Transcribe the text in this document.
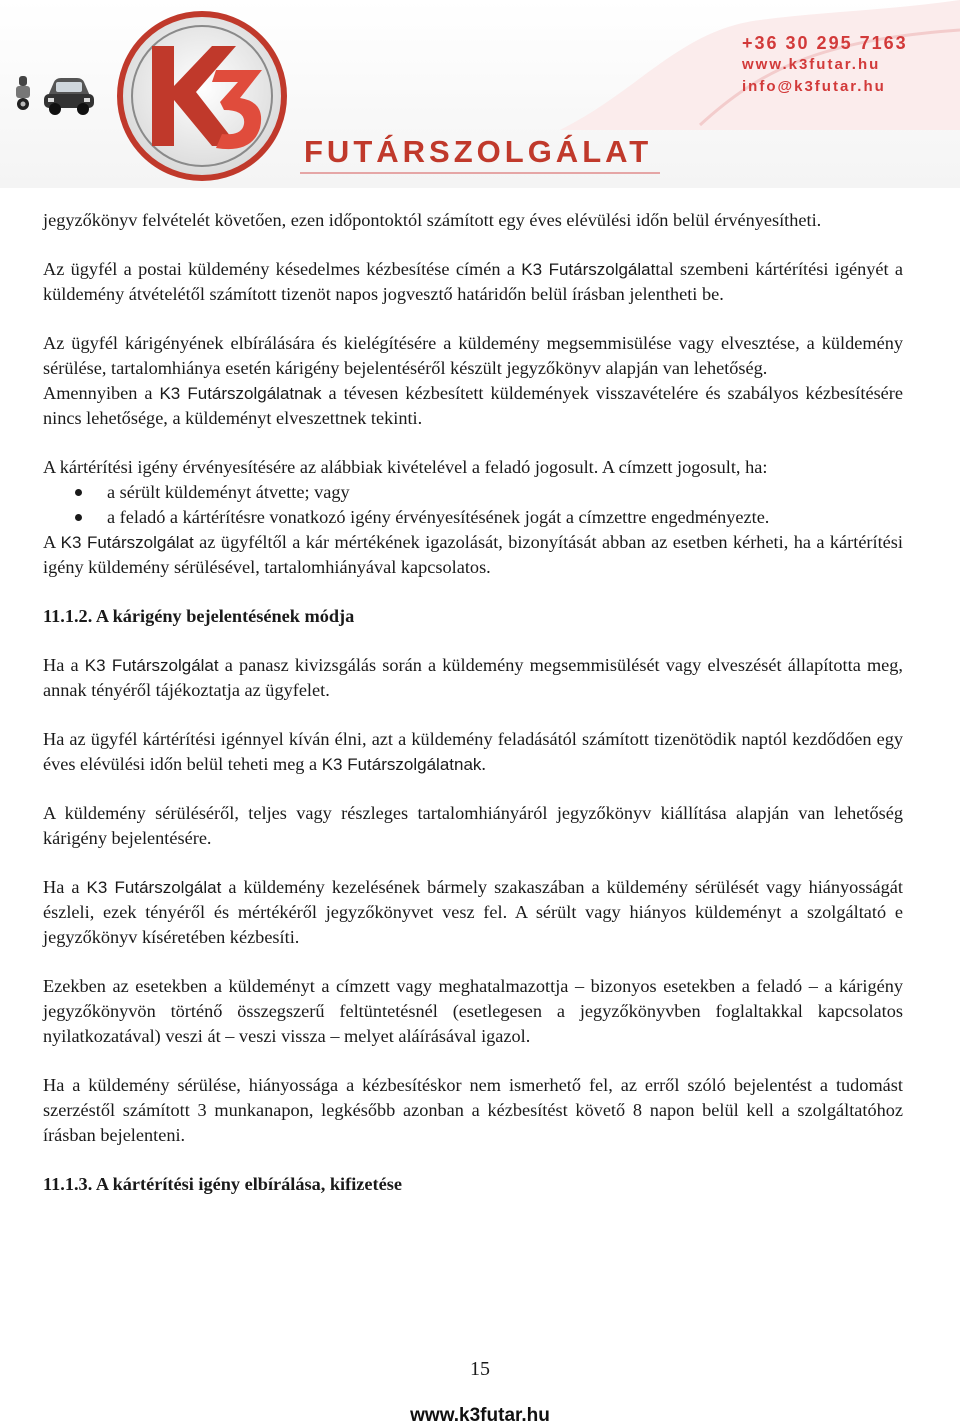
+36 30 295 7163
www.k3futar.hu
info@k3futar.hu
FUTÁRSZOLGÁLAT

jegyzőkönyv felvételét követően, ezen időpontoktól számított egy éves elévülési időn belül érvényesítheti.

Az ügyfél a postai küldemény késedelmes kézbesítése címén a K3 Futárszolgálattal szembeni kártérítési igényét a küldemény átvételétől számított tizenöt napos jogvesztő határidőn belül írásban jelentheti be.

Az ügyfél kárigényének elbírálására és kielégítésére a küldemény megsemmisülése vagy elvesztése, a küldemény sérülése, tartalomhiánya esetén kárigény bejelentéséről készült jegyzőkönyv alapján van lehetőség.

Amennyiben a K3 Futárszolgálatnak a tévesen kézbesített küldemények visszavételére és szabályos kézbesítésére nincs lehetősége, a küldeményt elveszettnek tekinti.

A kártérítési igény érvényesítésére az alábbiak kivételével a feladó jogosult. A címzett jogosult, ha:

a sérült küldeményt átvette; vagy
a feladó a kártérítésre vonatkozó igény érvényesítésének jogát a címzettre engedményezte.

A K3 Futárszolgálat az ügyféltől a kár mértékének igazolását, bizonyítását abban az esetben kérheti, ha a kártérítési igény küldemény sérülésével, tartalomhiányával kapcsolatos.

11.1.2. A kárigény bejelentésének módja

Ha a K3 Futárszolgálat a panasz kivizsgálás során a küldemény megsemmisülését vagy elveszését állapította meg, annak tényéről tájékoztatja az ügyfelet.

Ha az ügyfél kártérítési igénnyel kíván élni, azt a küldemény feladásától számított tizenötödik naptól kezdődően egy éves elévülési időn belül teheti meg a K3 Futárszolgálatnak.

A küldemény sérüléséről, teljes vagy részleges tartalomhiányáról jegyzőkönyv kiállítása alapján van lehetőség kárigény bejelentésére.

Ha a K3 Futárszolgálat a küldemény kezelésének bármely szakaszában a küldemény sérülését vagy hiányosságát észleli, ezek tényéről és mértékéről jegyzőkönyvet vesz fel. A sérült vagy hiányos küldeményt a szolgáltató e jegyzőkönyv kíséretében kézbesíti.

Ezekben az esetekben a küldeményt a címzett vagy meghatalmazottja – bizonyos esetekben a feladó – a kárigény jegyzőkönyvön történő összegszerű feltüntetésnél (esetlegesen a jegyzőkönyvben foglaltakkal kapcsolatos nyilatkozatával) veszi át – veszi vissza – melyet aláírásával igazol.

Ha a küldemény sérülése, hiányossága a kézbesítéskor nem ismerhető fel, az erről szóló bejelentést a tudomást szerzéstől számított 3 munkanapon, legkésőbb azonban a kézbesítést követő 8 napon belül kell a szolgáltatóhoz írásban bejelenteni.

11.1.3. A kártérítési igény elbírálása, kifizetése

15
www.k3futar.hu
